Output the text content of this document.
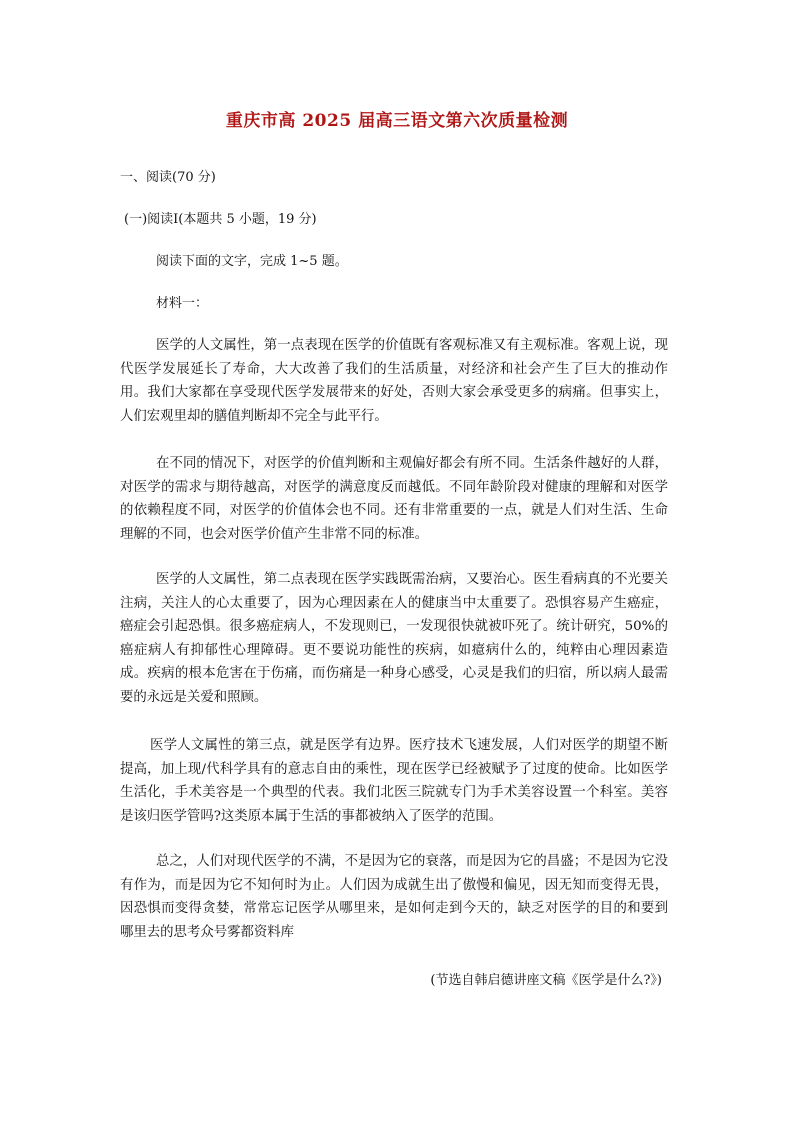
重庆市高 2025 届高三语文第六次质量检测
一、阅读(70 分)
(一)阅读Ⅰ(本题共 5 小题，19 分)
阅读下面的文字，完成 1~5 题。
材料一：

医学的人文属性，第一点表现在医学的价值既有客观标准又有主观标准。客观上说，现代医学发展延长了寿命，大大改善了我们的生活质量，对经济和社会产生了巨大的推动作用。我们大家都在享受现代医学发展带来的好处，否则大家会承受更多的病痛。但事实上，人们宏观里却的膳值判断却不完全与此平行。

在不同的情况下，对医学的价值判断和主观偏好都会有所不同。生活条件越好的人群，对医学的需求与期待越高，对医学的满意度反而越低。不同年龄阶段对健康的理解和对医学的依赖程度不同，对医学的价值体会也不同。还有非常重要的一点，就是人们对生活、生命理解的不同，也会对医学价值产生非常不同的标准。

医学的人文属性，第二点表现在医学实践既需治病，又要治心。医生看病真的不光要关注病，关注人的心太重要了，因为心理因素在人的健康当中太重要了。恐惧容易产生癌症，癌症会引起恐惧。很多癌症病人，不发现则已，一发现很快就被吓死了。统计研究，50%的癌症病人有抑郁性心理障碍。更不要说功能性的疾病，如癔病什么的，纯粹由心理因素造成。疾病的根本危害在于伤痛，而伤痛是一种身心感受，心灵是我们的归宿，所以病人最需要的永远是关爱和照顾。

医学人文属性的第三点，就是医学有边界。医疗技术飞速发展，人们对医学的期望不断提高，加上现/代科学具有的意志自由的乘性，现在医学已经被赋予了过度的使命。比如医学生活化，手术美容是一个典型的代表。我们北医三院就专门为手术美容设置一个科室。美容是该归医学管吗?这类原本属于生活的事都被纳入了医学的范围。

总之，人们对现代医学的不满，不是因为它的衰落，而是因为它的昌盛；不是因为它没有作为，而是因为它不知何时为止。人们因为成就生出了傲慢和偏见，因无知而变得无畏，因恐惧而变得贪婪，常常忘记医学从哪里来，是如何走到今天的，缺乏对医学的目的和要到哪里去的思考众号雾都资料库

(节选自韩启德讲座文稿《医学是什么?》)
